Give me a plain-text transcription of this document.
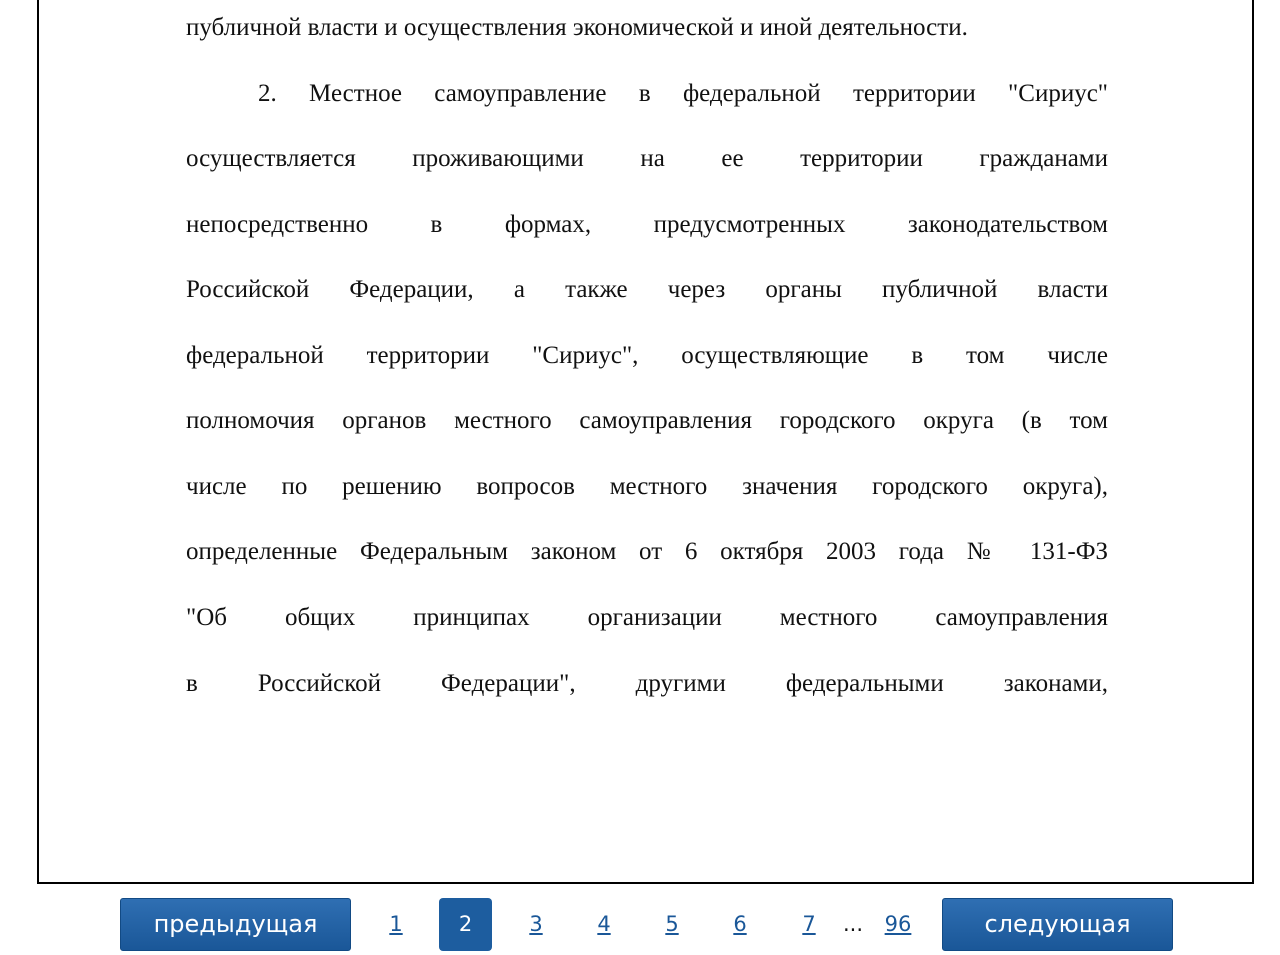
публичной власти и осуществления экономической и иной деятельности.
2. Местное самоуправление в федеральной территории "Сириус"
осуществляется проживающими на ее территории гражданами
непосредственно в формах, предусмотренных законодательством
Российской Федерации, а также через органы публичной власти
федеральной территории "Сириус", осуществляющие в том числе
полномочия органов местного самоуправления городского округа (в том
числе по решению вопросов местного значения городского округа),
определенные Федеральным законом от 6 октября 2003 года № 131-ФЗ
"Об общих принципах организации местного самоуправления
в Российской Федерации", другими федеральными законами,
предыдущая	1	2	3	4	5	6	7 ... 96	следующая
